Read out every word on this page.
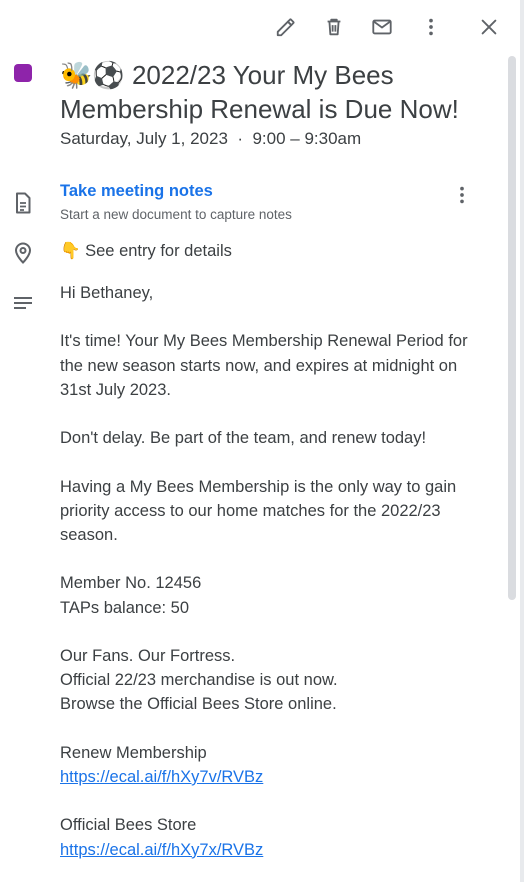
🐝⚽ 2022/23 Your My Bees Membership Renewal is Due Now!
Saturday, July 1, 2023  ·  9:00 – 9:30am
Take meeting notes
Start a new document to capture notes
👇 See entry for details

Hi Bethaney,

It's time! Your My Bees Membership Renewal Period for the new season starts now, and expires at midnight on 31st July 2023.

Don't delay. Be part of the team, and renew today!

Having a My Bees Membership is the only way to gain priority access to our home matches for the 2022/23 season.

Member No. 12456
TAPs balance: 50

Our Fans. Our Fortress.
Official 22/23 merchandise is out now.
Browse the Official Bees Store online.

Renew Membership
https://ecal.ai/f/hXy7v/RVBz

Official Bees Store
https://ecal.ai/f/hXy7x/RVBz
